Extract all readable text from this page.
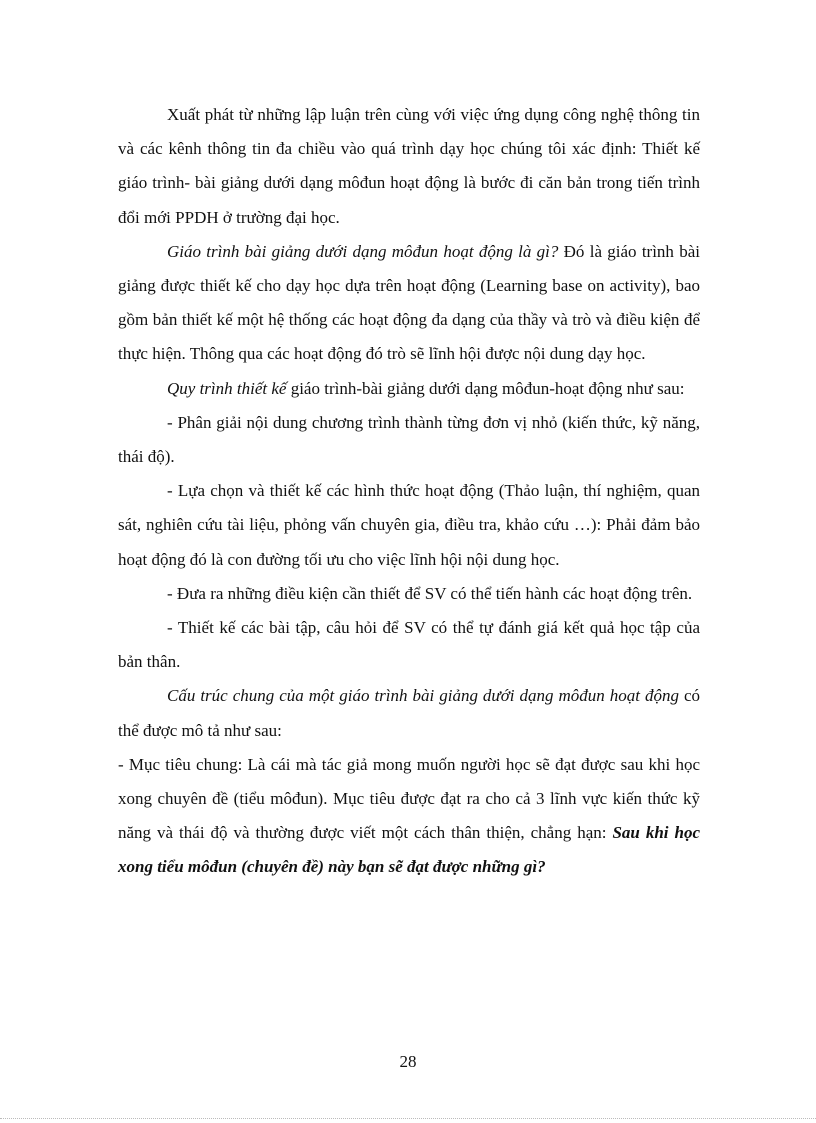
Xuất phát từ những lập luận trên cùng với việc ứng dụng công nghệ thông tin và các kênh thông tin đa chiều vào quá trình dạy học chúng tôi xác định: Thiết kế giáo trình- bài giảng dưới dạng môđun hoạt động là bước đi căn bản trong tiến trình đổi mới PPDH ở trường đại học.

Giáo trình bài giảng dưới dạng môđun hoạt động là gì? Đó là giáo trình bài giảng được thiết kế cho dạy học dựa trên hoạt động (Learning base on activity), bao gồm bản thiết kế một hệ thống các hoạt động đa dạng của thầy và trò và điều kiện để thực hiện. Thông qua các hoạt động đó trò sẽ lĩnh hội được nội dung dạy học.

Quy trình thiết kế giáo trình-bài giảng dưới dạng môđun-hoạt động như sau:

- Phân giải nội dung chương trình thành từng đơn vị nhỏ (kiến thức, kỹ năng, thái độ).

- Lựa chọn và thiết kế các hình thức hoạt động (Thảo luận, thí nghiệm, quan sát, nghiên cứu tài liệu, phỏng vấn chuyên gia, điều tra, khảo cứu …): Phải đảm bảo hoạt động đó là con đường tối ưu cho việc lĩnh hội nội dung học.

- Đưa ra những điều kiện cần thiết để SV có thể tiến hành các hoạt động trên.

- Thiết kế các bài tập, câu hỏi để SV có thể tự đánh giá kết quả học tập của bản thân.

Cấu trúc chung của một giáo trình bài giảng dưới dạng môđun hoạt động có thể được mô tả như sau:

- Mục tiêu chung: Là cái mà tác giả mong muốn người học sẽ đạt được sau khi học xong chuyên đề (tiểu môđun). Mục tiêu được đạt ra cho cả 3 lĩnh vực kiến thức kỹ năng và thái độ và thường được viết một cách thân thiện, chẳng hạn: Sau khi học xong tiểu môđun (chuyên đề) này bạn sẽ đạt được những gì?

28
